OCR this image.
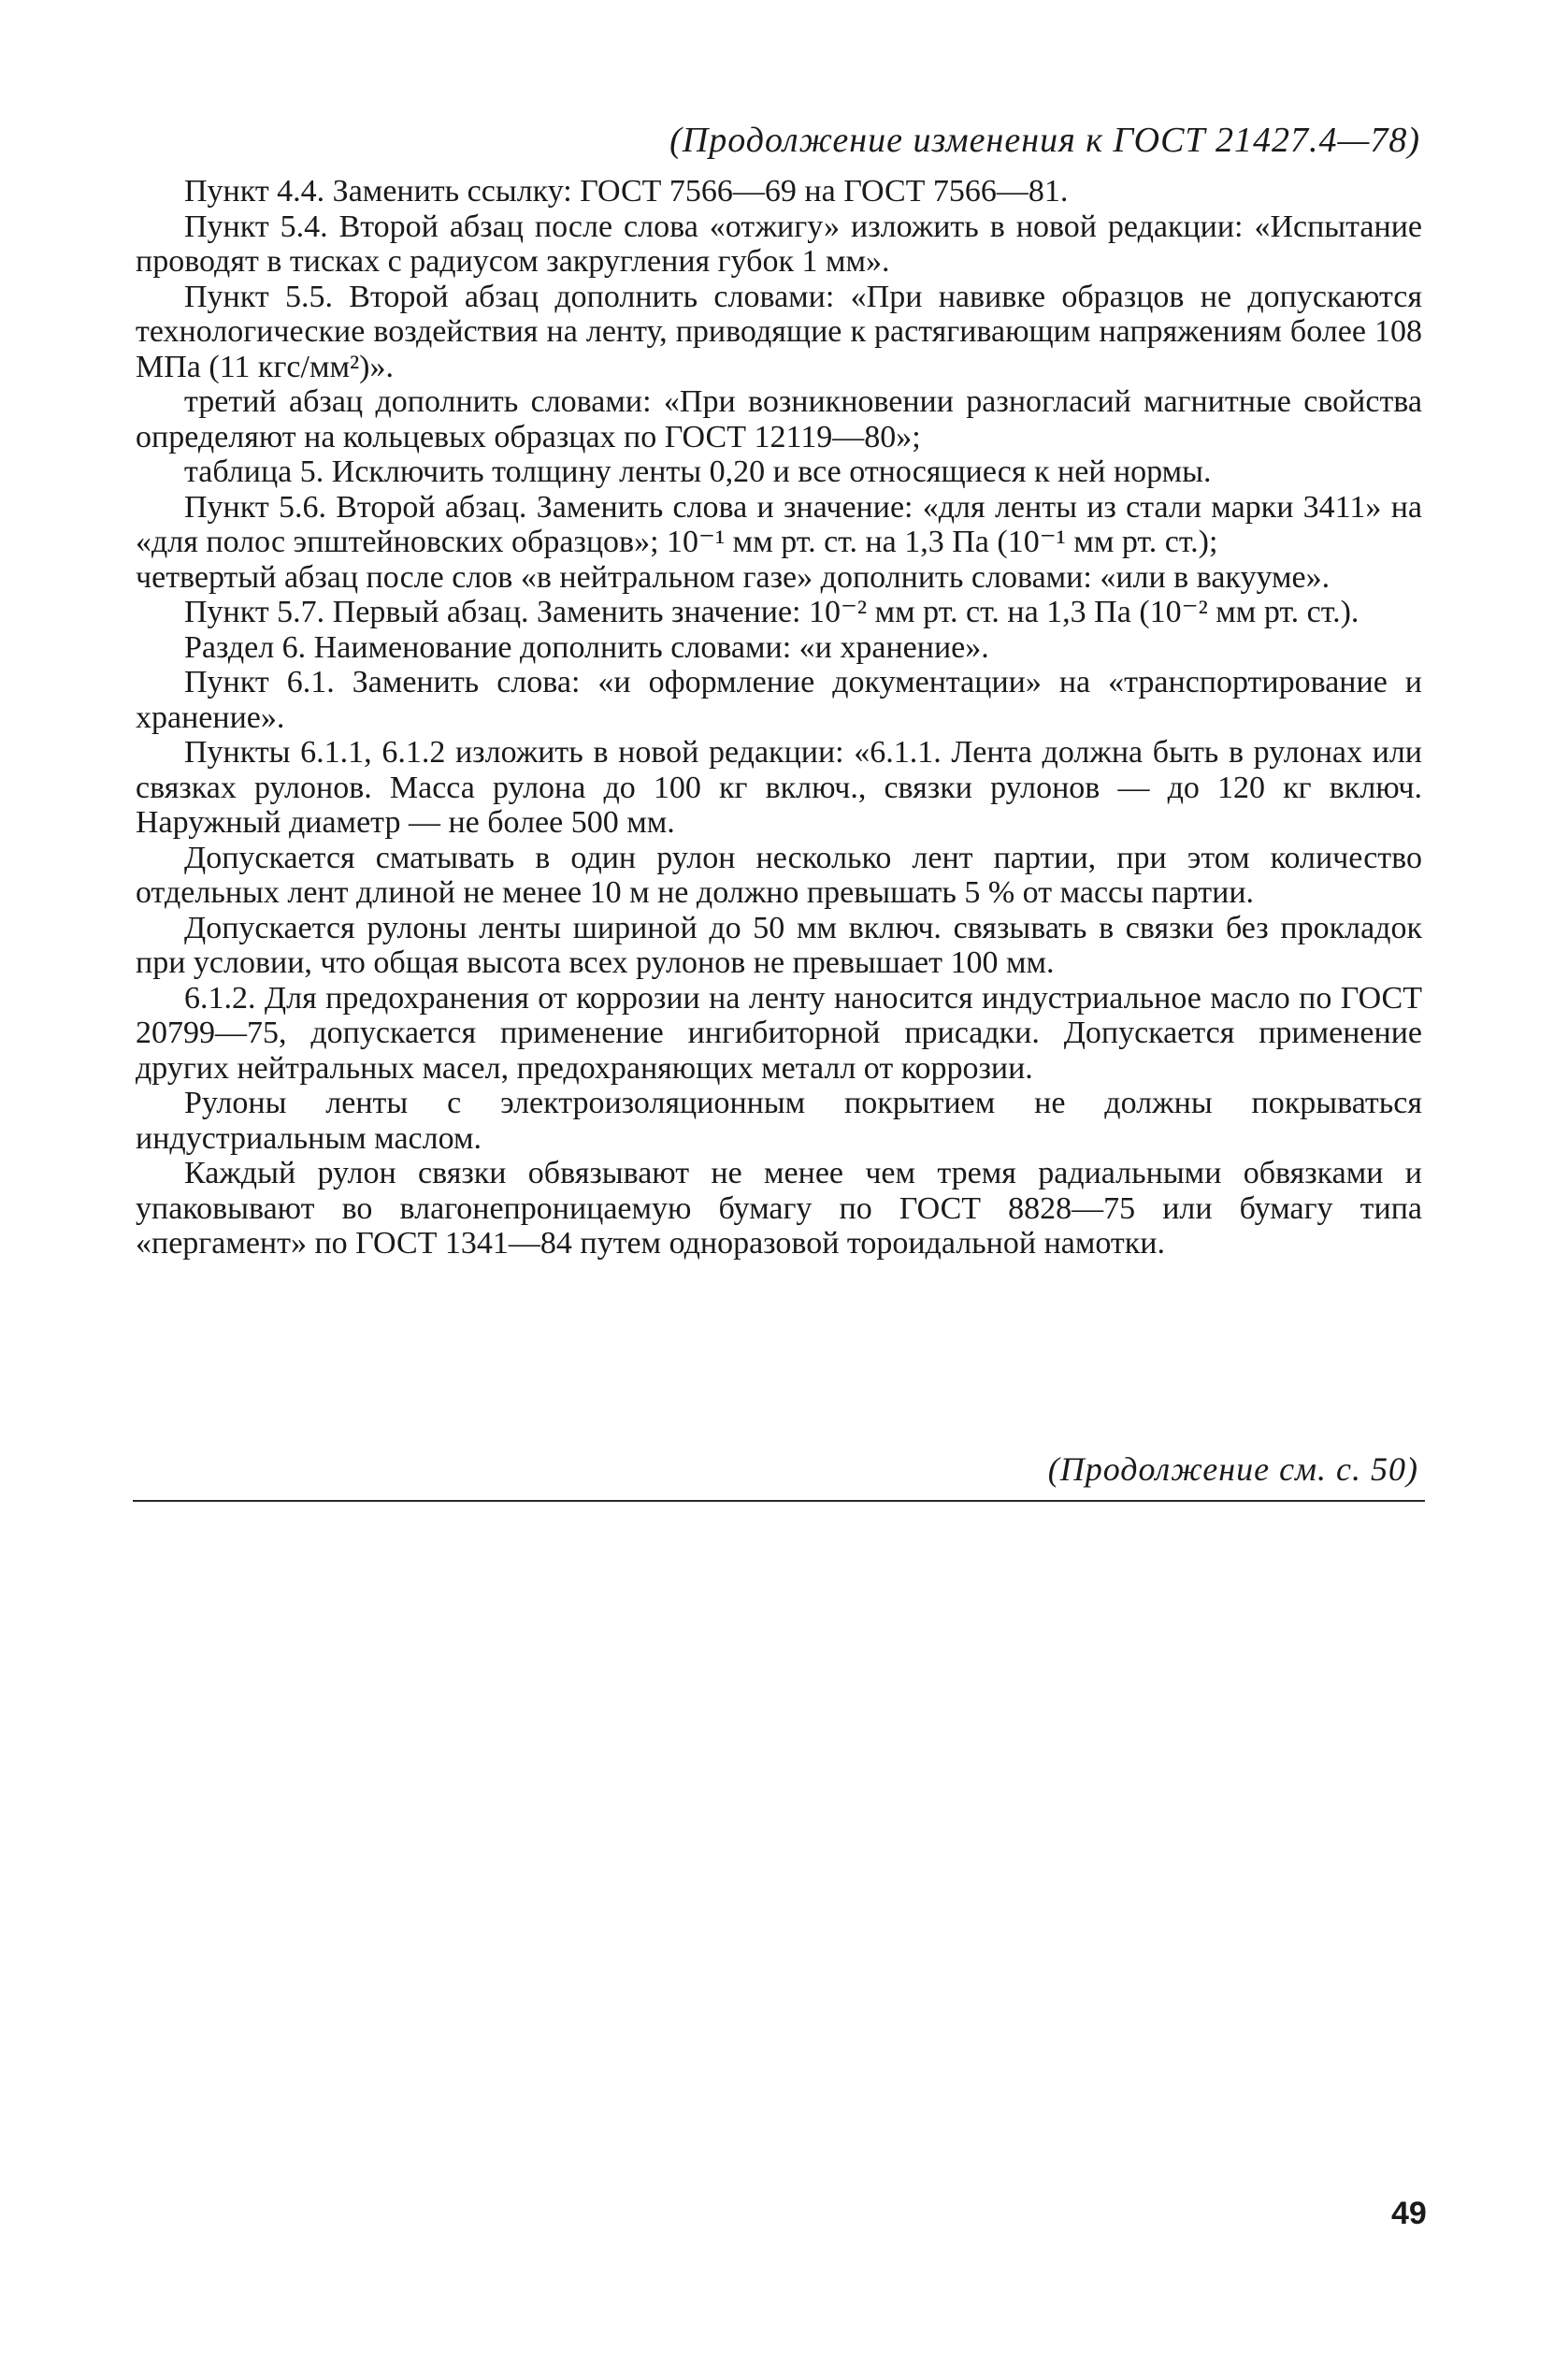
(Продолжение изменения к ГОСТ 21427.4—78)

Пункт 4.4. Заменить ссылку: ГОСТ 7566—69 на ГОСТ 7566—81.

Пункт 5.4. Второй абзац после слова «отжигу» изложить в новой редакции: «Испытание проводят в тисках с радиусом закругления губок 1 мм».

Пункт 5.5. Второй абзац дополнить словами: «При навивке образцов не допускаются технологические воздействия на ленту, приводящие к растягивающим напряжениям более 108 МПа (11 кгс/мм²)».

третий абзац дополнить словами: «При возникновении разногласий магнитные свойства определяют на кольцевых образцах по ГОСТ 12119—80»;

таблица 5. Исключить толщину ленты 0,20 и все относящиеся к ней нормы.

Пункт 5.6. Второй абзац. Заменить слова и значение: «для ленты из стали марки 3411» на «для полос эпштейновских образцов»; 10⁻¹ мм рт. ст. на 1,3 Па (10⁻¹ мм рт. ст.);

четвертый абзац после слов «в нейтральном газе» дополнить словами: «или в вакууме».

Пункт 5.7. Первый абзац. Заменить значение: 10⁻² мм рт. ст. на 1,3 Па (10⁻² мм рт. ст.).

Раздел 6. Наименование дополнить словами: «и хранение».

Пункт 6.1. Заменить слова: «и оформление документации» на «транспортирование и хранение».

Пункты 6.1.1, 6.1.2 изложить в новой редакции: «6.1.1. Лента должна быть в рулонах или связках рулонов. Масса рулона до 100 кг включ., связки рулонов — до 120 кг включ. Наружный диаметр — не более 500 мм.

Допускается сматывать в один рулон несколько лент партии, при этом количество отдельных лент длиной не менее 10 м не должно превышать 5 % от массы партии.

Допускается рулоны ленты шириной до 50 мм включ. связывать в связки без прокладок при условии, что общая высота всех рулонов не превышает 100 мм.

6.1.2. Для предохранения от коррозии на ленту наносится индустриальное масло по ГОСТ 20799—75, допускается применение ингибиторной присадки. Допускается применение других нейтральных масел, предохраняющих металл от коррозии.

Рулоны ленты с электроизоляционным покрытием не должны покрываться индустриальным маслом.

Каждый рулон связки обвязывают не менее чем тремя радиальными обвязками и упаковывают во влагонепроницаемую бумагу по ГОСТ 8828—75 или бумагу типа «пергамент» по ГОСТ 1341—84 путем одноразовой тороидальной намотки.

(Продолжение см. с. 50)
49
